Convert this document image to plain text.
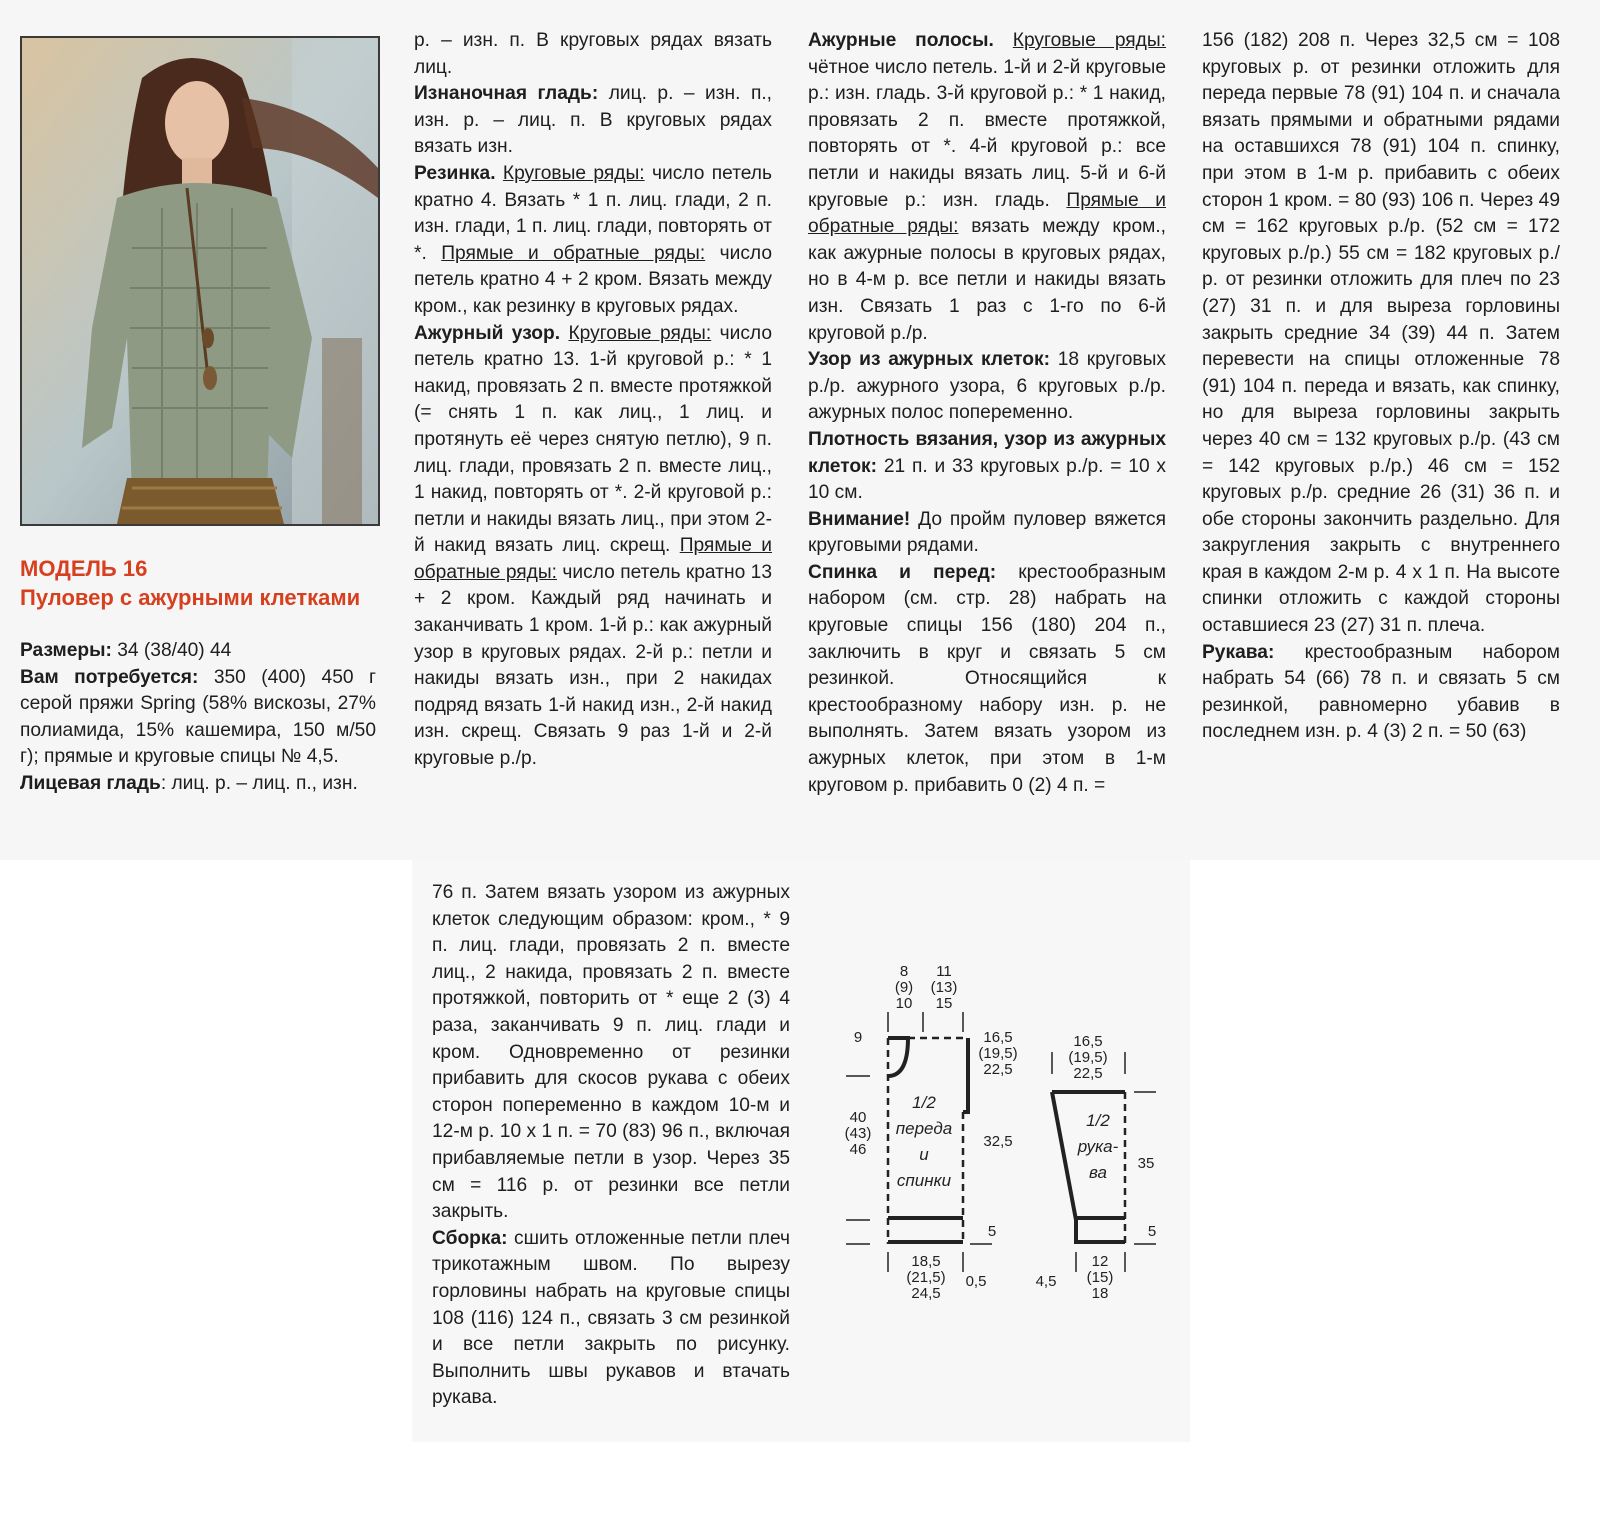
МОДЕЛЬ 16
Пуловер с ажурными клетками

Размеры: 34 (38/40) 44

Вам потребуется: 350 (400) 450 г серой пряжи Spring (58% вискозы, 27% полиамида, 15% кашемира, 150 м/50 г); прямые и круговые спицы № 4,5.

Лицевая гладь: лиц. р. – лиц. п., изн.

р. – изн. п. В круговых рядах вязать лиц.

Изнаночная гладь: лиц. р. – изн. п., изн. р. – лиц. п. В круговых рядах вязать изн.

Резинка. Круговые ряды: число петель кратно 4. Вязать * 1 п. лиц. глади, 2 п. изн. глади, 1 п. лиц. глади, повторять от *. Прямые и обратные ряды: число петель кратно 4 + 2 кром. Вязать между кром., как резинку в круговых рядах.

Ажурный узор. Круговые ряды: число петель кратно 13. 1-й круговой р.: * 1 накид, провязать 2 п. вместе протяжкой (= снять 1 п. как лиц., 1 лиц. и протянуть её через снятую петлю), 9 п. лиц. глади, провязать 2 п. вместе лиц., 1 накид, повторять от *. 2-й круговой р.: петли и накиды вязать лиц., при этом 2-й накид вязать лиц. скрещ. Прямые и обратные ряды: число петель кратно 13 + 2 кром. Каждый ряд начинать и заканчивать 1 кром. 1-й р.: как ажурный узор в круговых рядах. 2-й р.: петли и накиды вязать изн., при 2 накидах подряд вязать 1-й накид изн., 2-й накид изн. скрещ. Связать 9 раз 1-й и 2-й круговые р./р.

Ажурные полосы. Круговые ряды: чётное число петель. 1-й и 2-й круговые р.: изн. гладь. 3-й круговой р.: * 1 накид, провязать 2 п. вместе протяжкой, повторять от *. 4-й круговой р.: все петли и накиды вязать лиц. 5-й и 6-й круговые р.: изн. гладь. Прямые и обратные ряды: вязать между кром., как ажурные полосы в круговых рядах, но в 4-м р. все петли и накиды вязать изн. Связать 1 раз с 1-го по 6-й круговой р./р.

Узор из ажурных клеток: 18 круговых р./р. ажурного узора, 6 круговых р./р. ажурных полос попеременно.

Плотность вязания, узор из ажурных клеток: 21 п. и 33 круговых р./р. = 10 х 10 см.

Внимание! До пройм пуловер вяжется круговыми рядами.

Спинка и перед: крестообразным набором (см. стр. 28) набрать на круговые спицы 156 (180) 204 п., заключить в круг и связать 5 см резинкой. Относящийся к крестообразному набору изн. р. не выполнять. Затем вязать узором из ажурных клеток, при этом в 1-м круговом р. прибавить 0 (2) 4 п. =

156 (182) 208 п. Через 32,5 см = 108 круговых р. от резинки отложить для переда первые 78 (91) 104 п. и сначала вязать прямыми и обратными рядами на оставшихся 78 (91) 104 п. спинку, при этом в 1-м р. прибавить с обеих сторон 1 кром. = 80 (93) 106 п. Через 49 см = 162 круговых р./р. (52 см = 172 круговых р./р.) 55 см = 182 круговых р./р. от резинки отложить для плеч по 23 (27) 31 п. и для выреза горловины закрыть средние 34 (39) 44 п. Затем перевести на спицы отложенные 78 (91) 104 п. переда и вязать, как спинку, но для выреза горловины закрыть через 40 см = 132 круговых р./р. (43 см = 142 круговых р./р.) 46 см = 152 круговых р./р. средние 26 (31) 36 п. и обе стороны закончить раздельно. Для закругления закрыть с внутреннего края в каждом 2-м р. 4 х 1 п. На высоте спинки отложить с каждой стороны оставшиеся 23 (27) 31 п. плеча.

Рукава: крестообразным набором набрать 54 (66) 78 п. и связать 5 см резинкой, равномерно убавив в последнем изн. р. 4 (3) 2 п. = 50 (63)

76 п. Затем вязать узором из ажурных клеток следующим образом: кром., * 9 п. лиц. глади, провязать 2 п. вместе лиц., 2 накида, провязать 2 п. вместе протяжкой, повторить от * еще 2 (3) 4 раза, заканчивать 9 п. лиц. глади и кром. Одновременно от резинки прибавить для скосов рукава с обеих сторон попеременно в каждом 10-м и 12-м р. 10 х 1 п. = 70 (83) 96 п., включая прибавляемые петли в узор. Через 35 см = 116 р. от резинки все петли закрыть.

Сборка: сшить отложенные петли плеч трикотажным швом. По вырезу горловины набрать на круговые спицы 108 (116) 124 п., связать 3 см резинкой и все петли закрыть по рисунку. Выполнить швы рукавов и втачать рукава.

1/2
переда
и
спинки
8
(9)
10
11
(13)
15
9	16,5
(19,5)
22,5
40
(43)
46	32,5
5
18,5
(21,5)
24,5
0,5
1/2
рука-
ва
16,5
(19,5)
22,5
35
5
12
(15)
18
4,5
